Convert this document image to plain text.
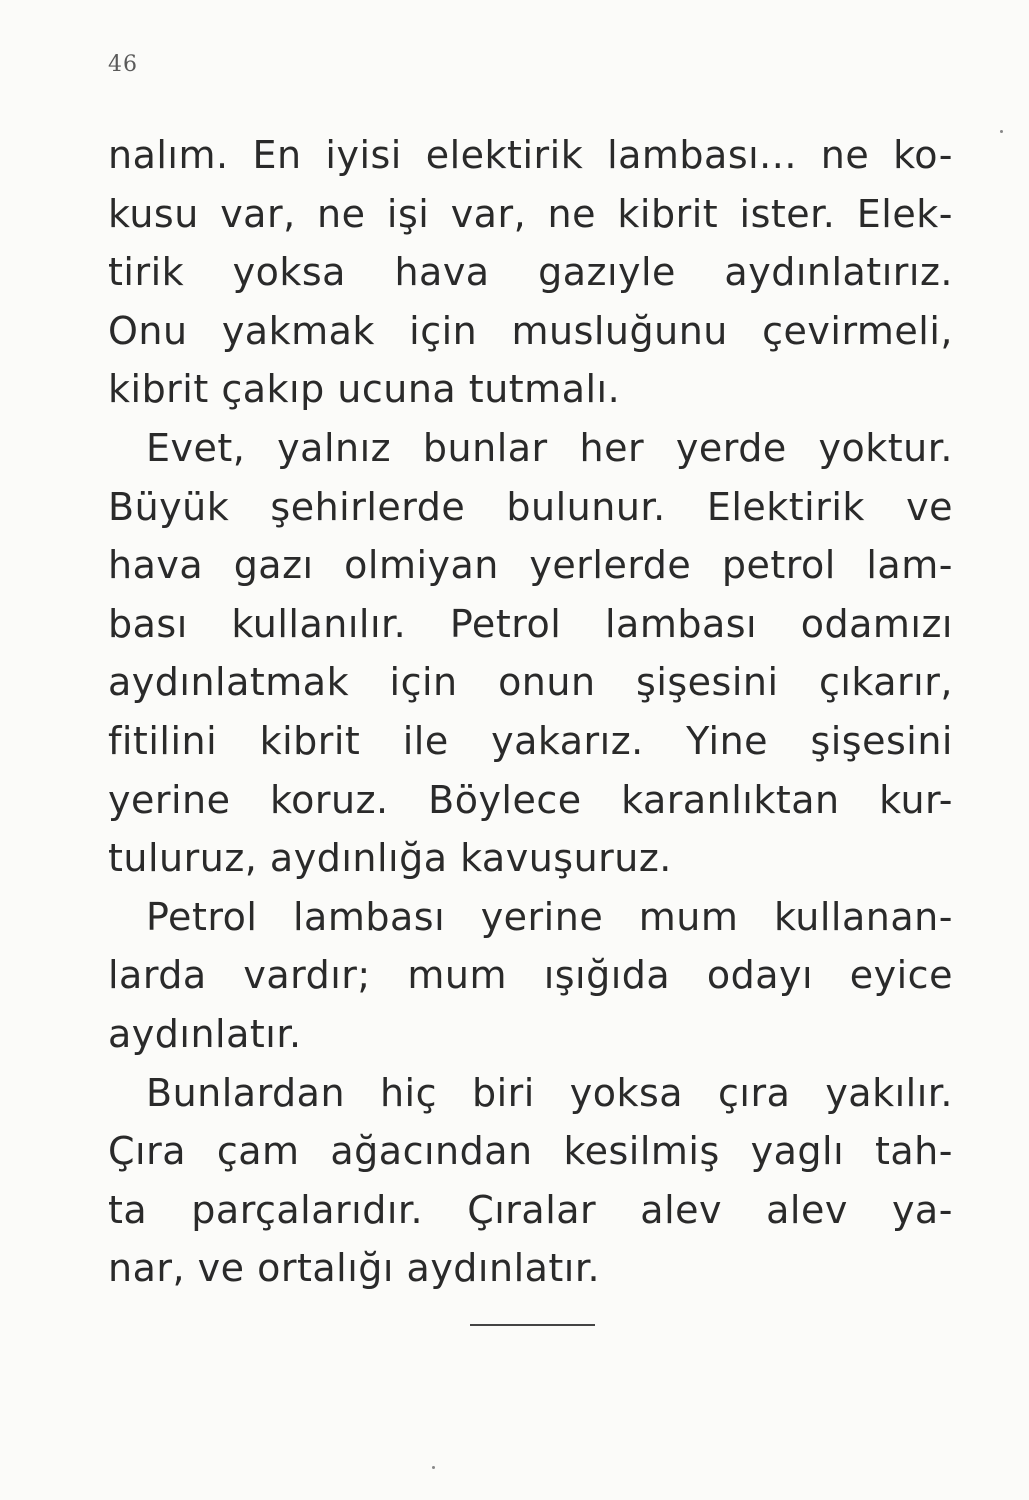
46
nalım. En iyisi elektirik lambası... ne ko-
kusu var, ne işi var, ne kibrit ister. Elek-
tirik yoksa hava gazıyle aydınlatırız.
Onu yakmak için musluğunu çevirmeli,
kibrit çakıp ucuna tutmalı.
Evet, yalnız bunlar her yerde yoktur.
Büyük şehirlerde bulunur. Elektirik ve
hava gazı olmiyan yerlerde petrol lam-
bası kullanılır. Petrol lambası odamızı
aydınlatmak için onun şişesini çıkarır,
fitilini kibrit ile yakarız. Yine şişesini
yerine koruz. Böylece karanlıktan kur-
tuluruz, aydınlığa kavuşuruz.
Petrol lambası yerine mum kullanan-
larda vardır; mum ışığıda odayı eyice
aydınlatır.
Bunlardan hiç biri yoksa çıra yakılır.
Çıra çam ağacından kesilmiş yaglı tah-
ta parçalarıdır. Çıralar alev alev ya-
nar, ve ortalığı aydınlatır.
